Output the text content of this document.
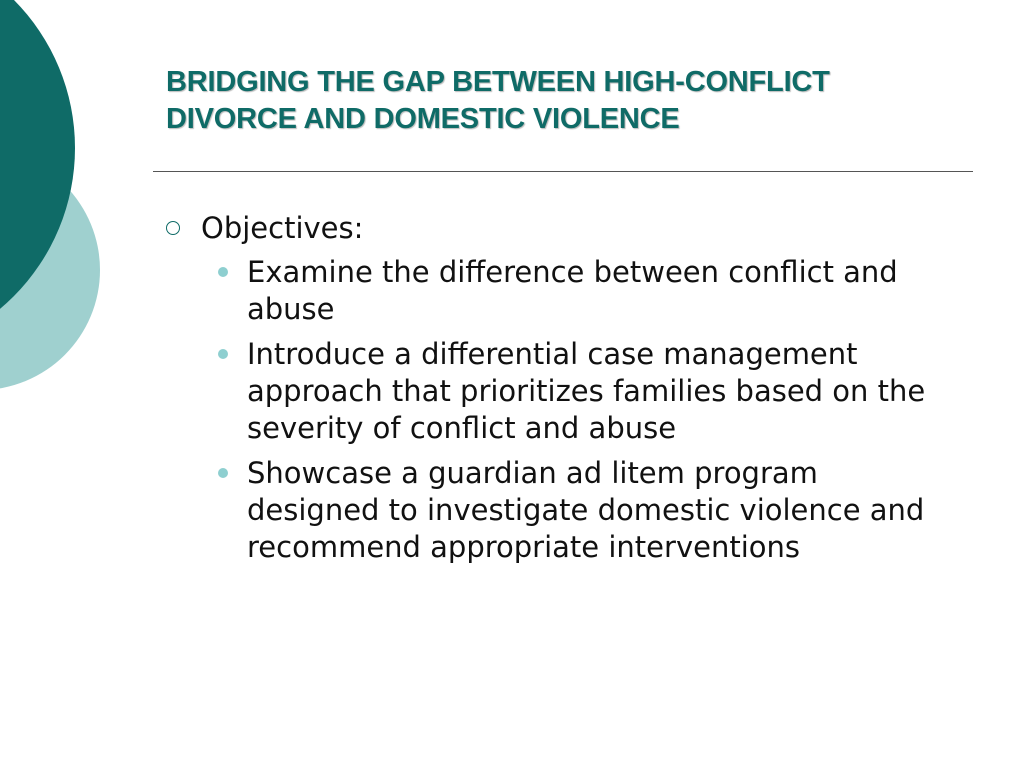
BRIDGING THE GAP BETWEEN HIGH-CONFLICT
DIVORCE AND DOMESTIC VIOLENCE
Objectives:
Examine the difference between conflict and abuse
Introduce a differential case management approach that prioritizes families based on the severity of conflict and abuse
Showcase a guardian ad litem program designed to investigate domestic violence and recommend appropriate interventions
